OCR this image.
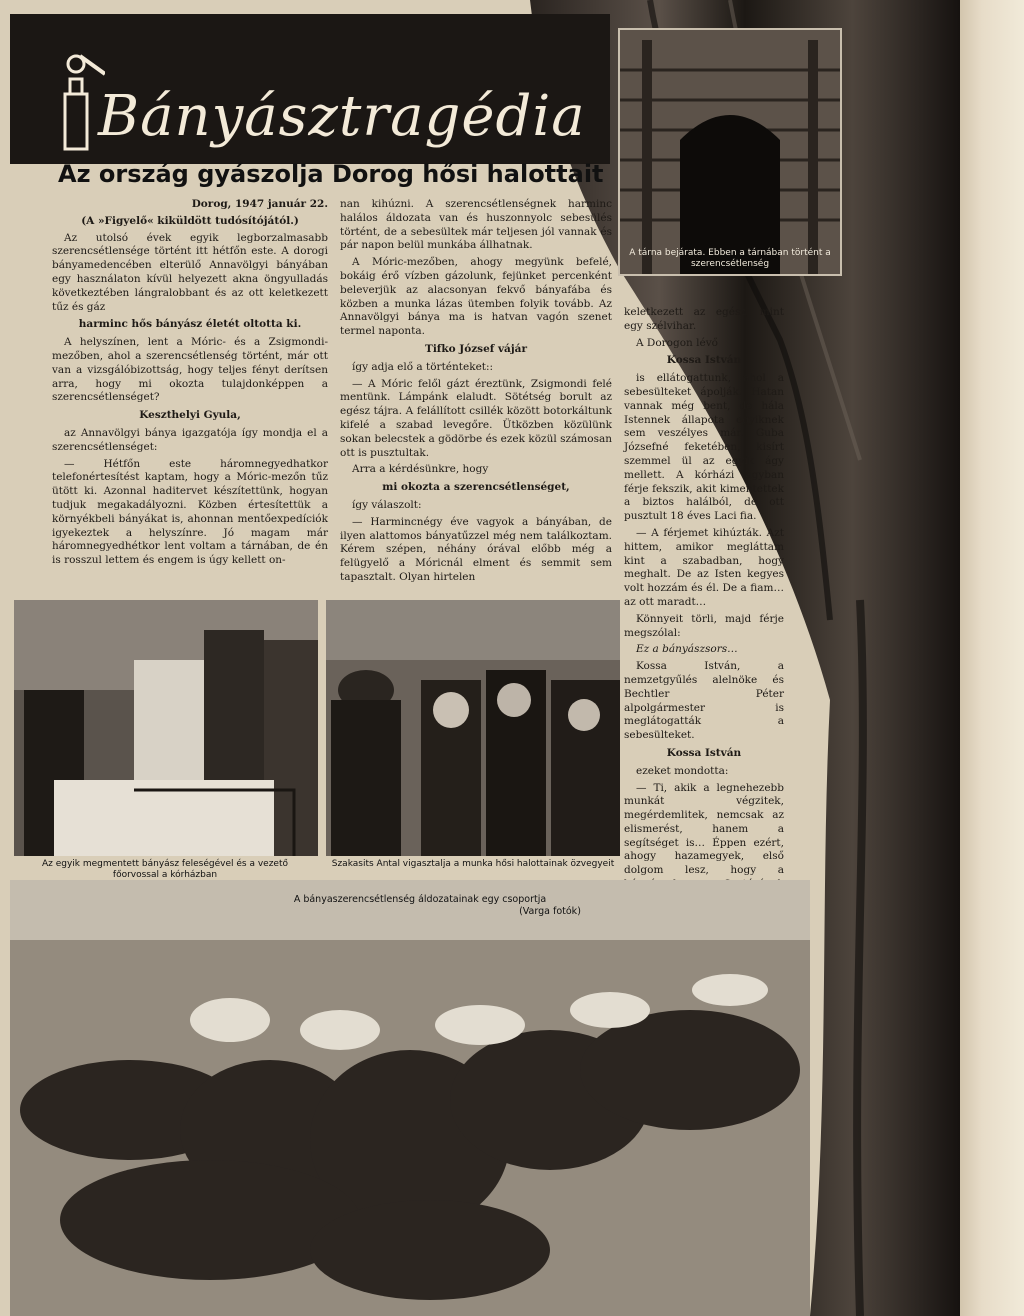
Bányásztragédia
Az ország gyászolja Dorog hősi halottait

Dorog, 1947 január 22.

(A »Figyelő« kiküldött tudósítójától.)

Az utolsó évek egyik legborzalmasabb szerencsétlensége történt itt hétfőn este. A dorogi bányamedencében elterülő Annavölgyi bányában egy használaton kívül helyezett akna öngyulladás következtében lángralobbant és az ott keletkezett tűz és gáz

harminc hős bányász életét oltotta ki.

A helyszínen, lent a Móric- és a Zsigmondi-mezőben, ahol a szerencsétlenség történt, már ott van a vizsgálóbizottság, hogy teljes fényt derítsen arra, hogy mi okozta tulajdonképpen a szerencsétlenséget?

Keszthelyi Gyula,

az Annavölgyi bánya igazgatója így mondja el a szerencsétlenséget:

— Hétfőn este háromnegyedhatkor telefonértesítést kaptam, hogy a Móric-mezőn tűz ütött ki. Azonnal haditervet készítettünk, hogyan tudjuk megakadályozni. Közben értesítettük a környékbeli bányákat is, ahonnan mentőexpedíciók igyekeztek a helyszínre. Jó magam már háromnegyedhétkor lent voltam a tárnában, de én is rosszul lettem és engem is úgy kellett on-

nan kihúzni. A szerencsétlenségnek harminc halálos áldozata van és huszonnyolc sebesülés történt, de a sebesültek már teljesen jól vannak és pár napon belül munkába állhatnak.

A Móric-mezőben, ahogy megyünk befelé, bokáig érő vízben gázolunk, fejünket percenként beleverjük az alacsonyan fekvő bányafába és közben a munka lázas ütemben folyik tovább. Az Annavölgyi bánya ma is hatvan vagón szenet termel naponta.

Tifko József vájár

így adja elő a történteket::

— A Móric felől gázt éreztünk, Zsigmondi felé mentünk. Lámpánk elaludt. Sötétség borult az egész tájra. A felállított csillék között botorkáltunk kifelé a szabad levegőre. Ütközben közülünk sokan belecstek a gödörbe és ezek közül számosan ott is pusztultak.

Arra a kérdésünkre, hogy

mi okozta a szerencsétlenséget,

így válaszolt:

— Harmincnégy éve vagyok a bányában, de ilyen alattomos bányatűzzel még nem találkoztam. Kérem szépen, néhány órával előbb még a felügyelő a Móricnál elment és semmit sem tapasztalt. Olyan hirtelen

A tárna bejárata. Ebben a tárnában történt a szerencsétlenség

keletkezett az egész, mint egy szélvihar.

A Dorogon lévő

Kossa István

is ellátogattunk, ahol a sebesülteket ápolják. Hatan vannak még bent, de hála Istennek állapota egyiknek sem veszélyes már. Guba Józsefné feketében, kisírt szemmel ül az egyik ágy mellett. A kórházi ágyban férje fekszik, akit kimentettek a biztos halálból, de ott pusztult 18 éves Laci fia.

— A férjemet kihúzták. Azt hittem, amikor megláttam kint a szabadban, hogy meghalt. De az Isten kegyes volt hozzám és él. De a fiam… az ott maradt…

Könnyeit törli, majd férje megszólal:

Ez a bányászsors…

Kossa István, a nemzetgyűlés alelnöke és Bechtler Péter alpolgármester is meglátogatták a sebesülteket.

Kossa István

ezeket mondotta:

— Ti, akik a legnehezebb munkát végzitek, megérdemlitek, nemcsak az elismerést, hanem a segítséget is… Éppen ezért, ahogy hazamegyek, első dolgom lesz, hogy a

Az egyik megmentett bányász feleségével és a vezető főorvossal a kórházban
Szakasits Antal vigasztalja a munka hősi halottainak özvegyeit
A bányaszerencsétlenség áldozatainak egy csoportja
(Varga fotók)
